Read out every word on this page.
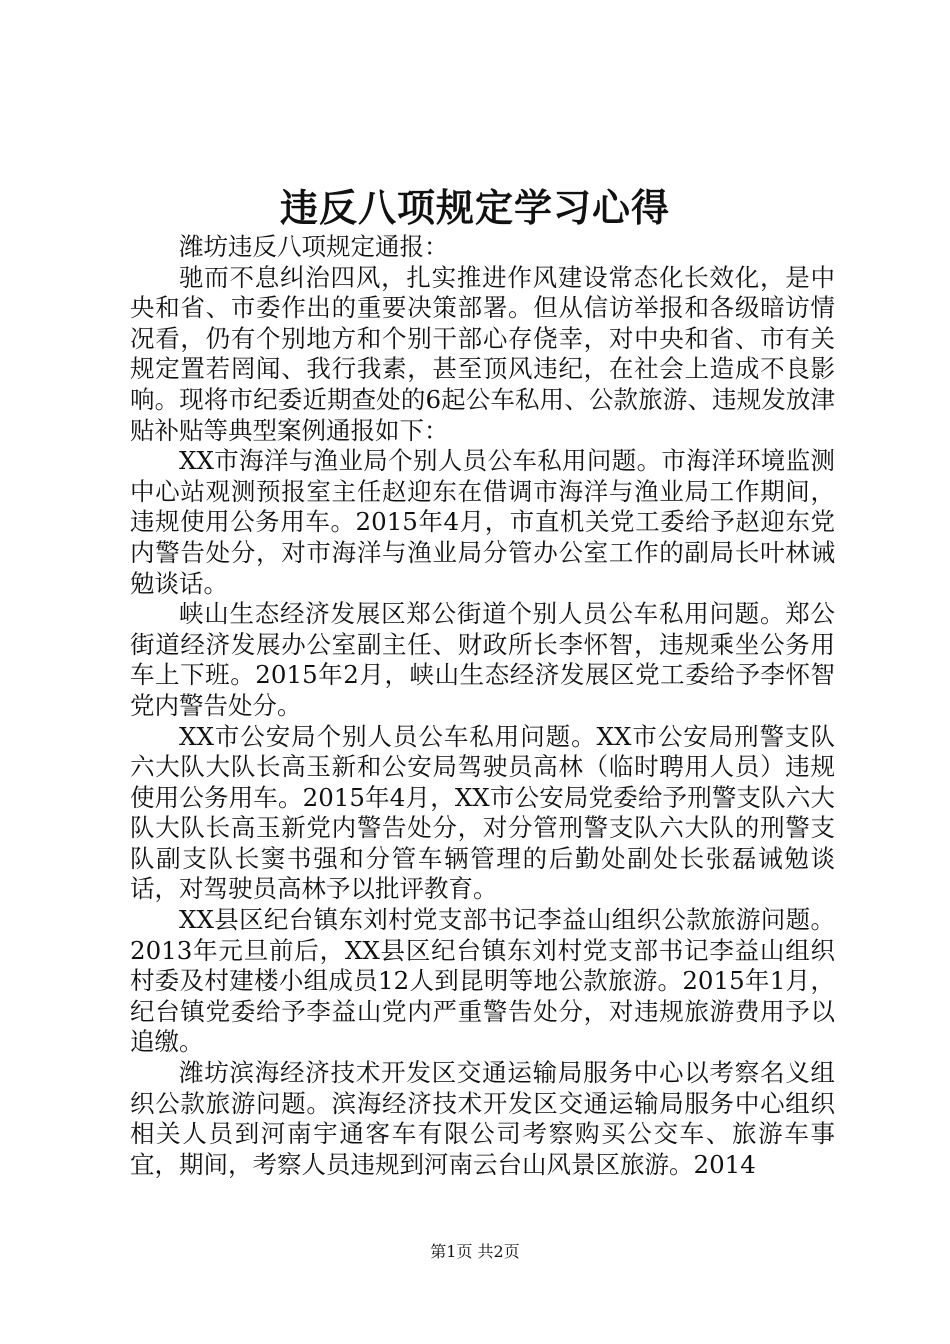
违反八项规定学习心得

潍坊违反八项规定通报：

驰而不息纠治四风，扎实推进作风建设常态化长效化，是中央和省、市委作出的重要决策部署。但从信访举报和各级暗访情况看，仍有个别地方和个别干部心存侥幸，对中央和省、市有关规定置若罔闻、我行我素，甚至顶风违纪，在社会上造成不良影响。现将市纪委近期查处的6起公车私用、公款旅游、违规发放津贴补贴等典型案例通报如下：

XX市海洋与渔业局个别人员公车私用问题。市海洋环境监测中心站观测预报室主任赵迎东在借调市海洋与渔业局工作期间，违规使用公务用车。2015年4月，市直机关党工委给予赵迎东党内警告处分，对市海洋与渔业局分管办公室工作的副局长叶林诫勉谈话。

峡山生态经济发展区郑公街道个别人员公车私用问题。郑公街道经济发展办公室副主任、财政所长李怀智，违规乘坐公务用车上下班。2015年2月，峡山生态经济发展区党工委给予李怀智党内警告处分。

XX市公安局个别人员公车私用问题。XX市公安局刑警支队六大队大队长高玉新和公安局驾驶员高林（临时聘用人员）违规使用公务用车。2015年4月，XX市公安局党委给予刑警支队六大队大队长高玉新党内警告处分，对分管刑警支队六大队的刑警支队副支队长窦书强和分管车辆管理的后勤处副处长张磊诫勉谈话，对驾驶员高林予以批评教育。

XX县区纪台镇东刘村党支部书记李益山组织公款旅游问题。2013年元旦前后，XX县区纪台镇东刘村党支部书记李益山组织村委及村建楼小组成员12人到昆明等地公款旅游。2015年1月，纪台镇党委给予李益山党内严重警告处分，对违规旅游费用予以追缴。

潍坊滨海经济技术开发区交通运输局服务中心以考察名义组织公款旅游问题。滨海经济技术开发区交通运输局服务中心组织相关人员到河南宇通客车有限公司考察购买公交车、旅游车事宜，期间，考察人员违规到河南云台山风景区旅游。2014

第1页 共2页
